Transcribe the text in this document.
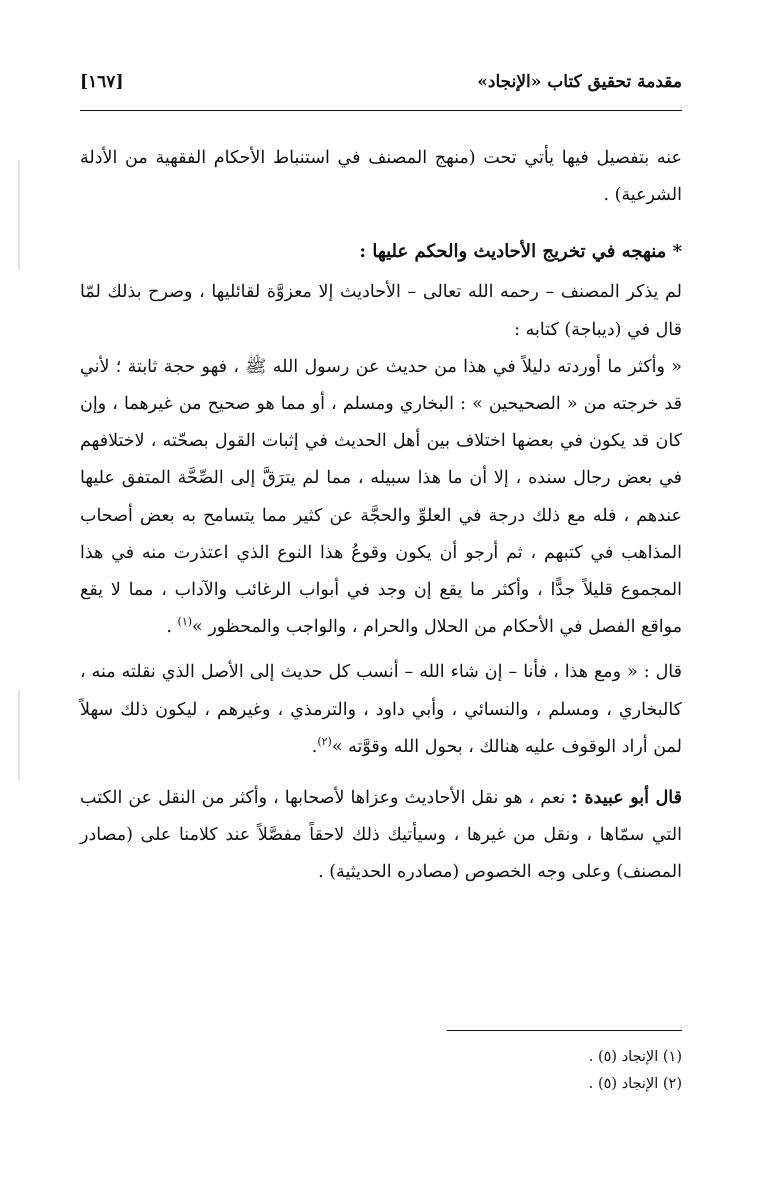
مقدمة تحقيق كتاب «الإنجاد»
[١٦٧]

عنه بتفصيل فيها يأتي تحت (منهج المصنف في استنباط الأحكام الفقهية من الأدلة الشرعية) .

* منهجه في تخريج الأحاديث والحكم عليها :

لم يذكر المصنف – رحمه الله تعالى – الأحاديث إلا معزوَّة لقائليها ، وصرح بذلك لمّا قال في (ديباجة) كتابه :

« وأكثر ما أوردته دليلاً في هذا من حديث عن رسول الله ﷺ ، فهو حجة ثابتة ؛ لأني قد خرجته من « الصحيحين » : البخاري ومسلم ، أو مما هو صحيح من غيرهما ، وإن كان قد يكون في بعضها اختلاف بين أهل الحديث في إثبات القول بصحّته ، لاختلافهم في بعض رجال سنده ، إلا أن ما هذا سبيله ، مما لم يترَقَّ إلى الصِّحَّة المتفق عليها عندهم ، فله مع ذلك درجة في العلوِّ والحجَّة عن كثير مما يتسامح به بعض أصحاب المذاهب في كتبهم ، ثم أرجو أن يكون وقوعُ هذا النوع الذي اعتذرت منه في هذا المجموع قليلاً جدًّا ، وأكثر ما يقع إن وجد في أبواب الرغائب والآداب ، مما لا يقع مواقع الفصل في الأحكام من الحلال والحرام ، والواجب والمحظور »$^{(١)}$ .

قال : « ومع هذا ، فأنا – إن شاء الله – أنسب كل حديث إلى الأصل الذي نقلته منه ، كالبخاري ، ومسلم ، والنسائي ، وأبي داود ، والترمذي ، وغيرهم ، ليكون ذلك سهلاً لمن أراد الوقوف عليه هنالك ، بحول الله وقوَّته »$^{(٢)}$.

قال أبو عبيدة : نعم ، هو نقل الأحاديث وعزاها لأصحابها ، وأكثر من النقل عن الكتب التي سمّاها ، ونقل من غيرها ، وسيأتيك ذلك لاحقاً مفصَّلاً عند كلامنا على (مصادر المصنف) وعلى وجه الخصوص (مصادره الحديثية) .

(١) الإنجاد (٥) .
(٢) الإنجاد (٥) .
